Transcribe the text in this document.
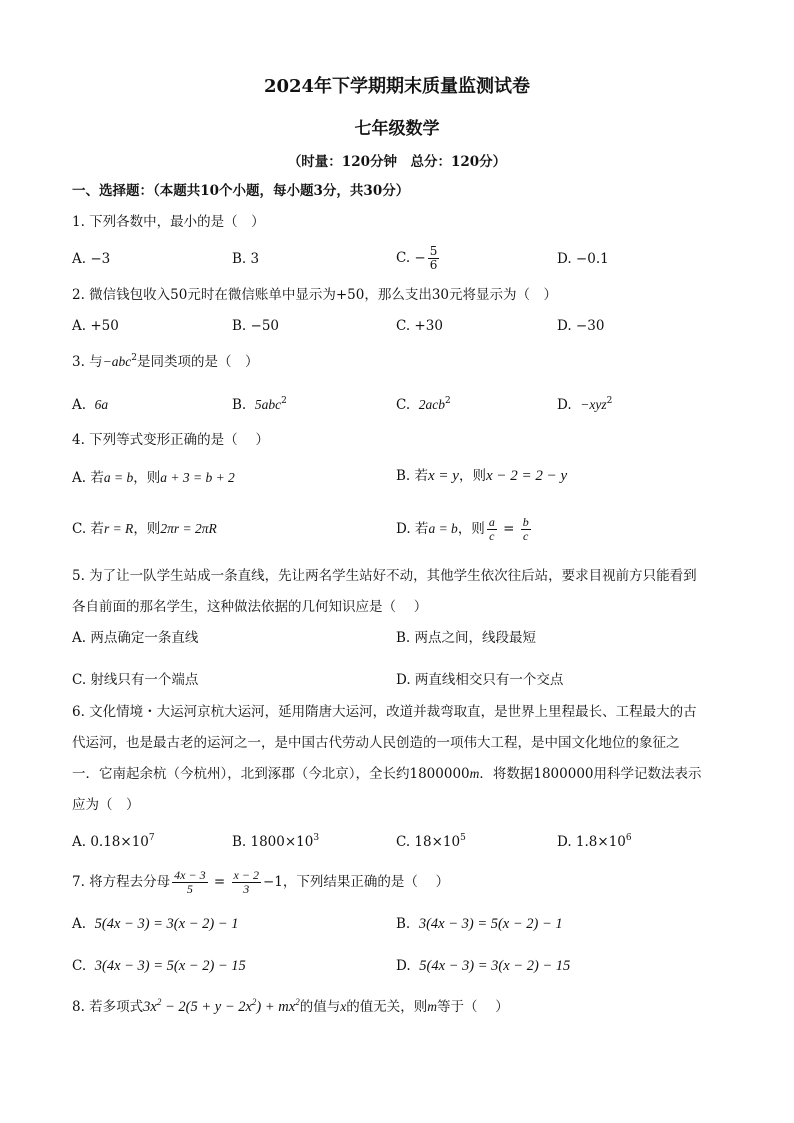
2024年下学期期末质量监测试卷
七年级数学
（时量：120分钟　总分：120分）
一、选择题：（本题共10个小题，每小题3分，共30分）
1. 下列各数中，最小的是（　）
A. −3	B. 3	C. − $\frac{5}{6}$	D. −0.1
2. 微信钱包收入50元时在微信账单中显示为+50，那么支出30元将显示为（　）
A. +50	B. −50	C. +30	D. −30
3. 与−abc$^2$是同类项的是（　）
A. 6a	B. 5abc$^2$	C. 2acb$^2$	D. −xyz$^2$
4. 下列等式变形正确的是（　 ）
A. 若a = b，则a + 3 = b + 2	B. 若x = y，则x − 2 = 2 − y
C. 若r = R，则2πr = 2πR	D. 若a = b，则 $\frac{a}{c} = \frac{b}{c}$
5. 为了让一队学生站成一条直线，先让两名学生站好不动，其他学生依次往后站，要求目视前方只能看到
各自前面的那名学生，这种做法依据的几何知识应是（　 ）
A. 两点确定一条直线	B. 两点之间，线段最短
C. 射线只有一个端点	D. 两直线相交只有一个交点
6. 文化情境・大运河京杭大运河，延用隋唐大运河，改道并裁弯取直，是世界上里程最长、工程最大的古
代运河，也是最古老的运河之一，是中国古代劳动人民创造的一项伟大工程，是中国文化地位的象征之
一．它南起余杭（今杭州），北到涿郡（今北京），全长约1800000m．将数据1800000用科学记数法表示
应为（　）
A. $0.18\times 10^7$	B. $1800\times 10^3$	C. $18\times 10^5$	D. $1.8\times 10^6$
7. 将方程去分母 $\frac{4x - 3}{5} = \frac{x - 2}{3} -1$，下列结果正确的是（　 ）
A. 5(4x − 3) = 3(x − 2) − 1	B. 3(4x − 3) = 5(x − 2) − 1
C. 3(4x − 3) = 5(x − 2) − 15	D. 5(4x − 3) = 3(x − 2) − 15
8. 若多项式$3x^2 - 2(5 + y - 2x^2) + mx^2$的值与x的值无关，则m等于（　 ）
